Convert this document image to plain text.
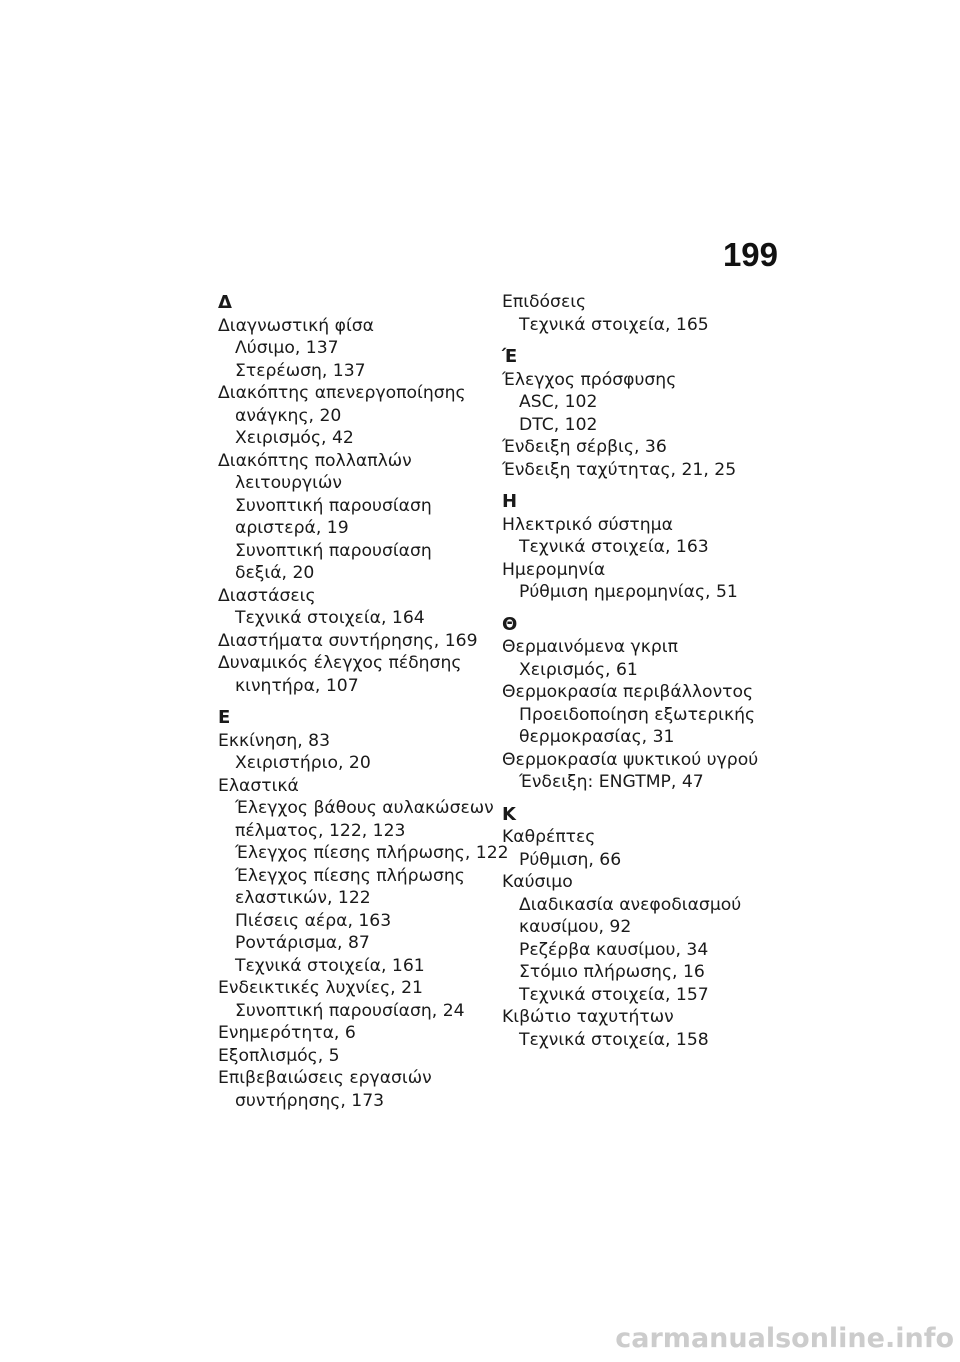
199
Δ
Διαγνωστική φίσα
Λύσιμο, 137
Στερέωση, 137
Διακόπτης απενεργοποίησης
ανάγκης, 20
Χειρισμός, 42
Διακόπτης πολλαπλών
λειτουργιών
Συνοπτική παρουσίαση
αριστερά, 19
Συνοπτική παρουσίαση
δεξιά, 20
Διαστάσεις
Τεχνικά στοιχεία, 164
Διαστήματα συντήρησης, 169
Δυναμικός έλεγχος πέδησης
κινητήρα, 107
Ε
Εκκίνηση, 83
Χειριστήριο, 20
Ελαστικά
Έλεγχος βάθους αυλακώσεων
πέλματος, 122, 123
Έλεγχος πίεσης πλήρωσης, 122
Έλεγχος πίεσης πλήρωσης
ελαστικών, 122
Πιέσεις αέρα, 163
Ροντάρισμα, 87
Τεχνικά στοιχεία, 161
Ενδεικτικές λυχνίες, 21
Συνοπτική παρουσίαση, 24
Ενημερότητα, 6
Εξοπλισμός, 5
Επιβεβαιώσεις εργασιών
συντήρησης, 173
Επιδόσεις
Τεχνικά στοιχεία, 165
Έ
Έλεγχος πρόσφυσης
ASC, 102
DTC, 102
Ένδειξη σέρβις, 36
Ένδειξη ταχύτητας, 21, 25
Η
Ηλεκτρικό σύστημα
Τεχνικά στοιχεία, 163
Ημερομηνία
Ρύθμιση ημερομηνίας, 51
Θ
Θερμαινόμενα γκριπ
Χειρισμός, 61
Θερμοκρασία περιβάλλοντος
Προειδοποίηση εξωτερικής
θερμοκρασίας, 31
Θερμοκρασία ψυκτικού υγρού
Ένδειξη: ENGTMP, 47
Κ
Καθρέπτες
Ρύθμιση, 66
Καύσιμο
Διαδικασία ανεφοδιασμού
καυσίμου, 92
Ρεζέρβα καυσίμου, 34
Στόμιο πλήρωσης, 16
Τεχνικά στοιχεία, 157
Κιβώτιο ταχυτήτων
Τεχνικά στοιχεία, 158
carmanualsonline.info
